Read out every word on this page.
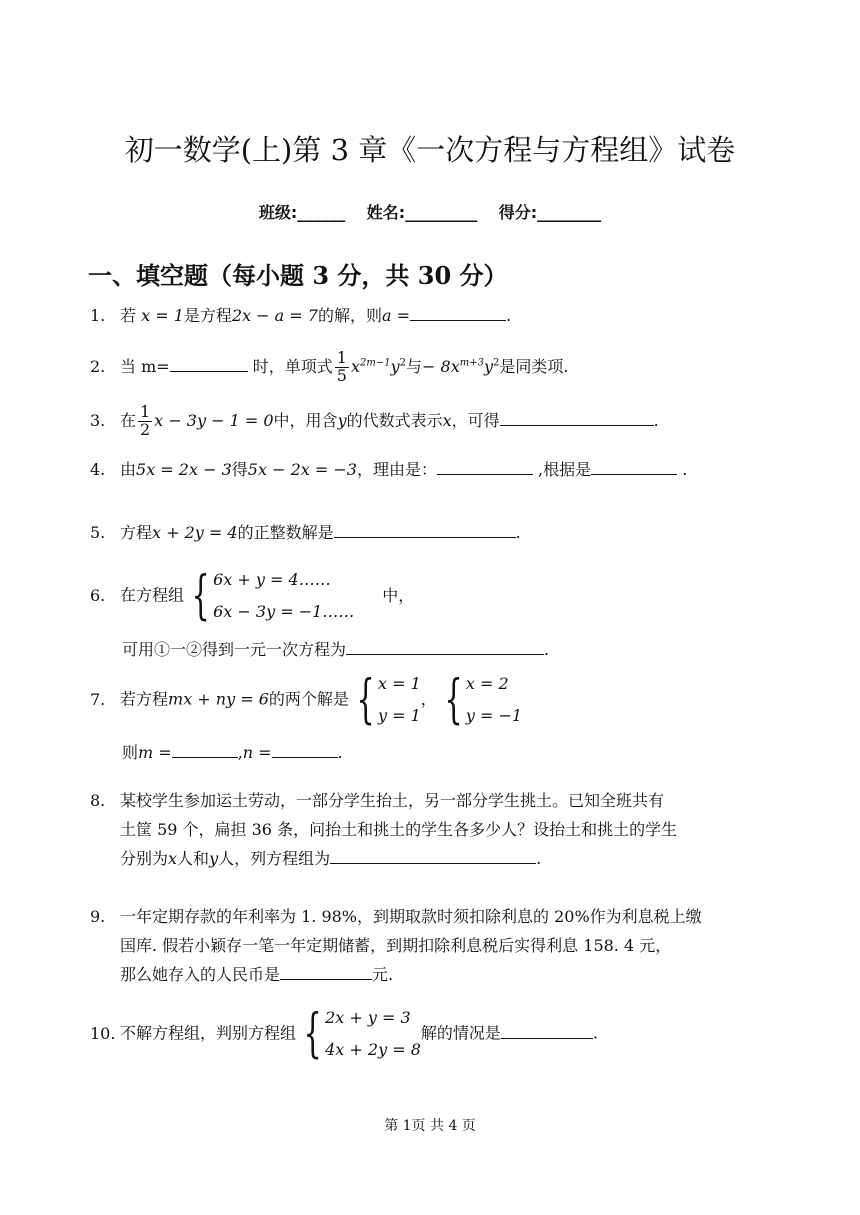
初一数学(上)第 3 章《一次方程与方程组》试卷
班级:______ 姓名:_________ 得分:________
一、填空题（每小题 3 分，共 30 分）
1. 若 x = 1是方程2x − a = 7的解，则a =	.
2. 当 m=	时，单项式 $\frac{1}{5} x^{2m-1}y^2$与− $8x^{m+3}y^2$是同类项.
3. 在 $\frac{1}{2}$ x − 3y − 1 = 0中，用含y的代数式表示x，可得	.
4. 由5x = 2x − 3得5x − 2x = −3，理由是：	,根据是	.
5. 方程x + 2y = 4的正整数解是	.
6. 在方程组 { 6x + y = 4……
6x − 3y = −1……
中，
可用①一②得到一元一次方程为	.
7. 若方程mx + ny = 6的两个解是 { x = 1
y = 1
， { x = 2
y = −1
则m =	,n =	.
8. 某校学生参加运土劳动，一部分学生抬土，另一部分学生挑土。已知全班共有
土筐 59 个，扁担 36 条，问抬土和挑土的学生各多少人？设抬土和挑土的学生
分别为x人和y人，列方程组为	.
9. 一年定期存款的年利率为 1. 98%，到期取款时须扣除利息的 20%作为利息税上缴
国库. 假若小颖存一笔一年定期储蓄，到期扣除利息税后实得利息 158. 4 元，
那么她存入的人民币是	元.
10. 不解方程组，判别方程组 { 2x + y = 3
4x + 2y = 8
解的情况是	.
第 1页 共 4 页
